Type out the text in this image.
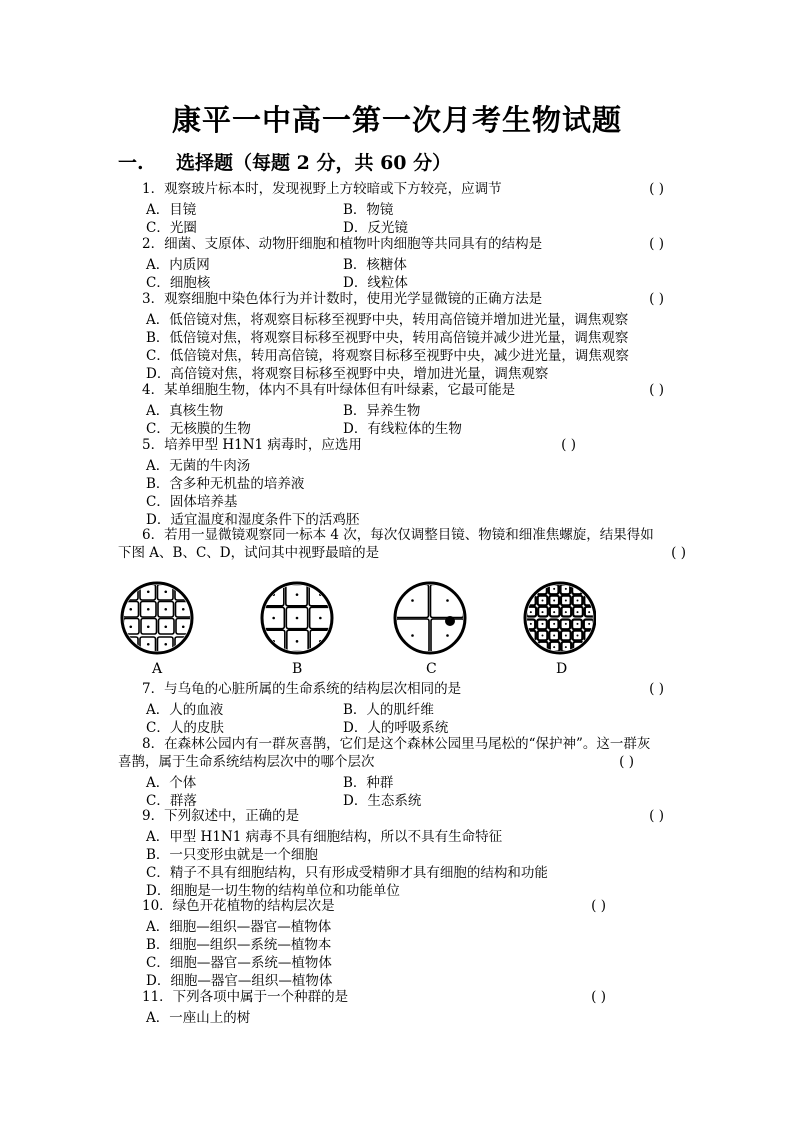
康平一中高一第一次月考生物试题
一. 选择题（每题 2 分，共 60 分）
1．观察玻片标本时，发现视野上方较暗或下方较亮，应调节	( )
A．目镜	B．物镜
C．光圈	D．反光镜
2．细菌、支原体、动物肝细胞和植物叶肉细胞等共同具有的结构是	( )
A．内质网	B．核糖体
C．细胞核	D．线粒体
3．观察细胞中染色体行为并计数时，使用光学显微镜的正确方法是	( )
A．低倍镜对焦，将观察目标移至视野中央，转用高倍镜并增加进光量，调焦观察
B．低倍镜对焦，将观察目标移至视野中央，转用高倍镜并减少进光量，调焦观察
C．低倍镜对焦，转用高倍镜，将观察目标移至视野中央，减少进光量，调焦观察
D．高倍镜对焦，将观察目标移至视野中央，增加进光量，调焦观察
4．某单细胞生物，体内不具有叶绿体但有叶绿素，它最可能是	( )
A．真核生物	B．异养生物
C．无核膜的生物	D．有线粒体的生物
5．培养甲型 H1N1 病毒时，应选用	( )
A．无菌的牛肉汤
B．含多种无机盐的培养液
C．固体培养基
D．适宜温度和湿度条件下的活鸡胚
6．若用一显微镜观察同一标本 4 次，每次仅调整目镜、物镜和细准焦螺旋，结果得如
下图 A、B、C、D，试问其中视野最暗的是	( )
A	B	C	D
7．与乌龟的心脏所属的生命系统的结构层次相同的是	( )
A．人的血液	B．人的肌纤维
C．人的皮肤	D．人的呼吸系统
8．在森林公园内有一群灰喜鹊，它们是这个森林公园里马尾松的“保护神”。这一群灰
喜鹊，属于生命系统结构层次中的哪个层次	( )
A．个体	B．种群
C．群落	D．生态系统
9．下列叙述中，正确的是	( )
A．甲型 H1N1 病毒不具有细胞结构，所以不具有生命特征
B．一只变形虫就是一个细胞
C．精子不具有细胞结构，只有形成受精卵才具有细胞的结构和功能
D．细胞是一切生物的结构单位和功能单位
10．绿色开花植物的结构层次是	( )
A．细胞—组织—器官—植物体
B．细胞—组织—系统—植物本
C．细胞—器官—系统—植物体
D．细胞—器官—组织—植物体
11．下列各项中属于一个种群的是	( )
A．一座山上的树
